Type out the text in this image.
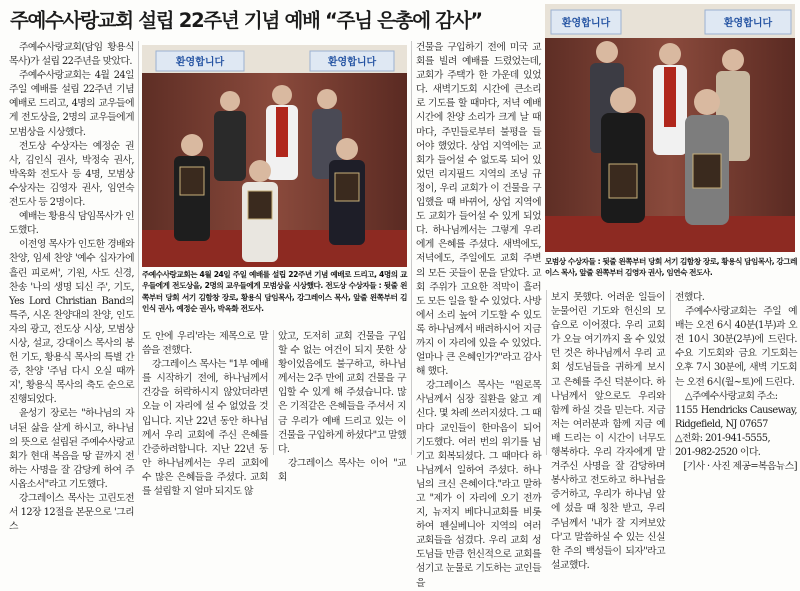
주예수사랑교회 설립 22주년 기념 예배 “주님 은총에 감사”

주예수사랑교회(담임 황용식 목사)가 설립 22주년을 맞았다.

주예수사랑교회는 4월 24일 주일 예배를 설립 22주년 기념 예배로 드리고, 4명의 교우들에게 전도상을, 2명의 교우들에게 모범상을 시상했다.

전도상 수상자는 예정순 권사, 김인식 권사, 박정숙 권사, 박옥화 전도사 등 4명, 모범상 수상자는 김영자 권사, 임연숙 전도사 등 2명이다.

예배는 황용식 담임목사가 인도했다.

이전영 목사가 인도한 경배와 찬양, 임세 찬양 '예수 십자가에 흘린 피로써', 기원, 사도 신경, 찬송 '나의 생명 되신 주', 기도, Yes Lord Christian Band의 특주, 시온 찬양대의 찬양, 인도자의 광고, 전도상 시상, 모범상 시상, 설교, 강대이스 목사의 봉헌 기도, 황용식 목사의 특별 간증, 찬양 '주님 다시 오실 때까지', 황용식 목사의 축도 순으로 진행되었다.

윤성기 장로는 "하나님의 자녀된 삶을 살게 하시고, 하나님의 뜻으로 설립된 주예수사랑교회가 현대 복음을 땅 끝까지 전하는 사명을 잘 감당케 하여 주시옵소서"라고 기도했다.

강그레이스 목사는 고린도전서 12장 12절을 본문으로 '그리스

환영합니다	환영합니다
주예수사랑교회는 4월 24일 주일 예배를 설립 22주년 기념 예배로 드리고, 4명의 교우들에게 전도상을, 2명의 교우들에게 모범상을 시상했다. 전도상 수상자들 : 뒷줄 왼쪽부터 당회 서기 김함창 장로, 황용식 담임목사, 강그레이스 목사, 앞줄 왼쪽부터 김인식 권사, 예정순 권사, 박옥화 전도사.

도 안에 우리'라는 제목으로 말씀을 전했다.

강그레이스 목사는 "1부 예배를 시작하기 전에, 하나님께서 건강을 허락하시지 않았더라면 오늘 이 자리에 설 수 없었을 것입니다. 지난 22년 동안 하나님께서 우리 교회에 주신 은혜를 간증하려합니다. 지난 22년 동안 하나님께서는 우리 교회에 수 많은 은혜들을 주셨다. 교회를 설립할 지 얼마 되지도 않

았고, 도저히 교회 건물을 구입할 수 없는 여건이 되지 못한 상황이었음에도 불구하고, 하나님께서는 2주 만에 교회 건물을 구입할 수 있게 해 주셨습니다. 많은 기적같은 은혜들을 주셔서 지금 우리가 예배 드리고 있는 이 건물을 구입하게 하셨다"고 말했다.

강그레이스 목사는 이어 "교회

건물을 구입하기 전에 미국 교회를 빌려 예배를 드렸었는데, 교회가 주택가 한 가운데 있었다. 새벽기도회 시간에 큰소리로 기도를 할 때마다, 저녁 예배 시간에 찬양 소리가 크게 날 때마다, 주민들로부터 불평을 들어야 했었다. 상업 지역에는 교회가 들어설 수 없도록 되어 있었던 리지필드 지역의 조닝 규정이, 우리 교회가 이 건물을 구입했을 때 바뀌어, 상업 지역에도 교회가 들어설 수 있게 되었다. 하나님께서는 그렇게 우리에게 은혜를 주셨다. 새벽에도, 저녁에도, 주일에도 교회 주변의 모든 곳들이 문을 닫았다. 교회 주위가 고요한 적막이 흘러도 모든 일을 할 수 있었다. 사방에서 소리 높여 기도할 수 있도록 하나님께서 배려하시어 지금까지 이 자리에 있을 수 있었다. 얼마나 큰 은혜인가?"라고 감사해 했다.

강그레이스 목사는 "원로목사님께서 심장 질환을 앓고 계신다. 몇 차례 쓰러지셨다. 그 때마다 교인들이 한마음이 되어 기도했다. 여러 번의 위기를 넘기고 회복되셨다. 그 때마다 하나님께서 일하여 주셨다. 하나님의 크신 은혜이다."라고 말하고 "제가 이 자리에 오기 전까지, 뉴저지 베다니교회를 비롯하여 펜실베니아 지역의 여러 교회들을 섬겼다. 우리 교회 성도님들 만큼 헌신적으로 교회를 섬기고 눈물로 기도하는 교인들을

환영합니다	환영합니다
모범상 수상자들 : 뒷줄 왼쪽부터 당회 서기 김함창 장로, 황용식 담임목사, 강그레이스 목사, 앞줄 왼쪽부터 김영자 권사, 임연숙 전도사.

보지 못했다. 어려운 일들이 눈물어린 기도와 헌신의 모습으로 이어졌다. 우리 교회가 오늘 여기까지 올 수 있었던 것은 하나님께서 우리 교회 성도님들을 귀하게 보시고 은혜를 주신 덕분이다. 하나님께서 앞으로도 우리와 함께 하실 것을 믿는다. 지금 저는 여러분과 함께 지금 예배 드리는 이 시간이 너무도 행복하다. 우리 각자에게 맡겨주신 사명을 잘 감당하며 봉사하고 전도하고 하나님을 증거하고, 우리가 하나님 앞에 섰을 때 칭찬 받고, 우리 주님께서 '내가 잘 지켜보았다'고 말씀하실 수 있는 신실한 주의 백성들이 되자"라고 설교했다.

전했다.

주예수사랑교회는 주일 예배는 오전 6시 40분(1부)과 오전 10시 30분(2부)에 드린다. 수요 기도회와 금요 기도회는 오후 7시 30분에, 새벽 기도회는 오전 6시(월~토)에 드린다.

△주예수사랑교회 주소:

1155 Hendricks Causeway, Ridgefield, NJ 07657

△전화: 201-941-5555,

201-982-2520 이다.

[기사 · 사진 제공=복음뉴스]
